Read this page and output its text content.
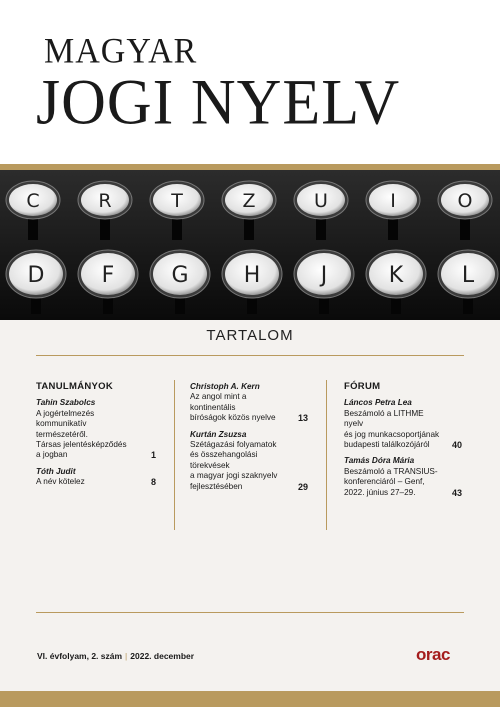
MAGYAR
JOGI NYELV
C	R	T	Z	U	I	O
D	F	G	H	J	K	L
TARTALOM
TANULMÁNYOK
Tahin Szabolcs
A jogértelmezés
kommunikatív természetéről.
Társas jelentésképződés
a jogban	1
Tóth Judit
A név kötelez	8
Christoph A. Kern
Az angol mint a kontinentális
bíróságok közös nyelve	13
Kurtán Zsuzsa
Szétágazási folyamatok
és összehangolási törekvések
a magyar jogi szaknyelv
fejlesztésében	29
FÓRUM
Láncos Petra Lea
Beszámoló a LITHME nyelv
és jog munkacsoportjának
budapesti találkozójáról	40
Tamás Dóra Mária
Beszámoló a TRANSIUS-
konferenciáról – Genf,
2022. június 27–29.	43
VI. évfolyam, 2. szám | 2022. december	orac
